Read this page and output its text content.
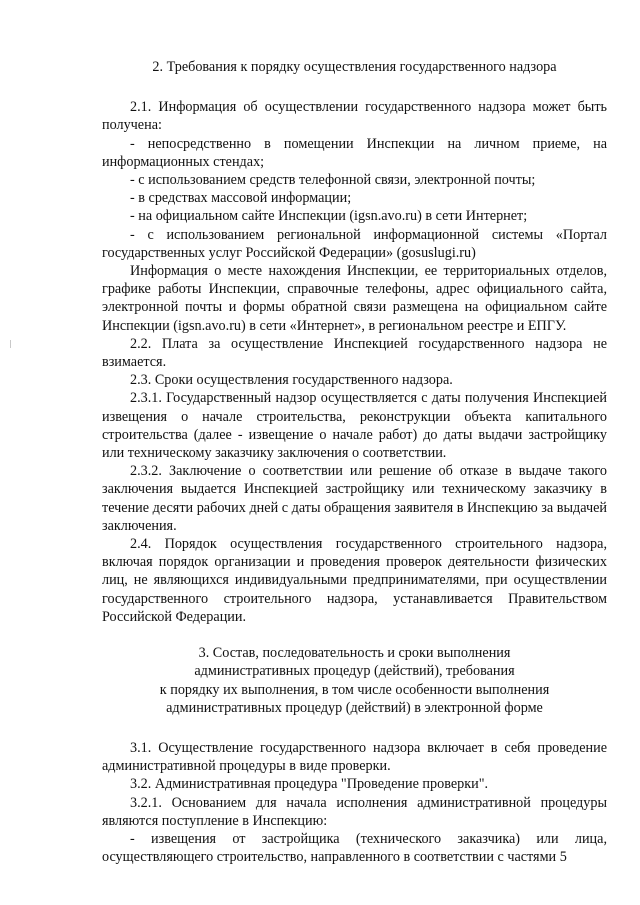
2. Требования к порядку осуществления государственного надзора

2.1. Информация об осуществлении государственного надзора может быть получена:

- непосредственно в помещении Инспекции на личном приеме, на информационных стендах;

- с использованием средств телефонной связи, электронной почты;

- в средствах массовой информации;

- на официальном сайте Инспекции (igsn.avo.ru) в сети Интернет;

- с использованием региональной информационной системы «Портал государственных услуг Российской Федерации» (gosuslugi.ru)

Информация о месте нахождения Инспекции, ее территориальных отделов, графике работы Инспекции, справочные телефоны, адрес официального сайта, электронной почты и формы обратной связи размещена на официальном сайте Инспекции (igsn.avo.ru) в сети «Интернет», в региональном реестре и ЕПГУ.

2.2. Плата за осуществление Инспекцией государственного надзора не взимается.

2.3. Сроки осуществления государственного надзора.

2.3.1. Государственный надзор осуществляется с даты получения Инспекцией извещения о начале строительства, реконструкции объекта капитального строительства (далее - извещение о начале работ) до даты выдачи застройщику или техническому заказчику заключения о соответствии.

2.3.2. Заключение о соответствии или решение об отказе в выдаче такого заключения выдается Инспекцией застройщику или техническому заказчику в течение десяти рабочих дней с даты обращения заявителя в Инспекцию за выдачей заключения.

2.4. Порядок осуществления государственного строительного надзора, включая порядок организации и проведения проверок деятельности физических лиц, не являющихся индивидуальными предпринимателями, при осуществлении государственного строительного надзора, устанавливается Правительством Российской Федерации.

3. Состав, последовательность и сроки выполнения
административных процедур (действий), требования
к порядку их выполнения, в том числе особенности выполнения
административных процедур (действий) в электронной форме

3.1. Осуществление государственного надзора включает в себя проведение административной процедуры в виде проверки.

3.2. Административная процедура "Проведение проверки".

3.2.1. Основанием для начала исполнения административной процедуры являются поступление в Инспекцию:

- извещения от застройщика (технического заказчика) или лица, осуществляющего строительство, направленного в соответствии с частями 5
